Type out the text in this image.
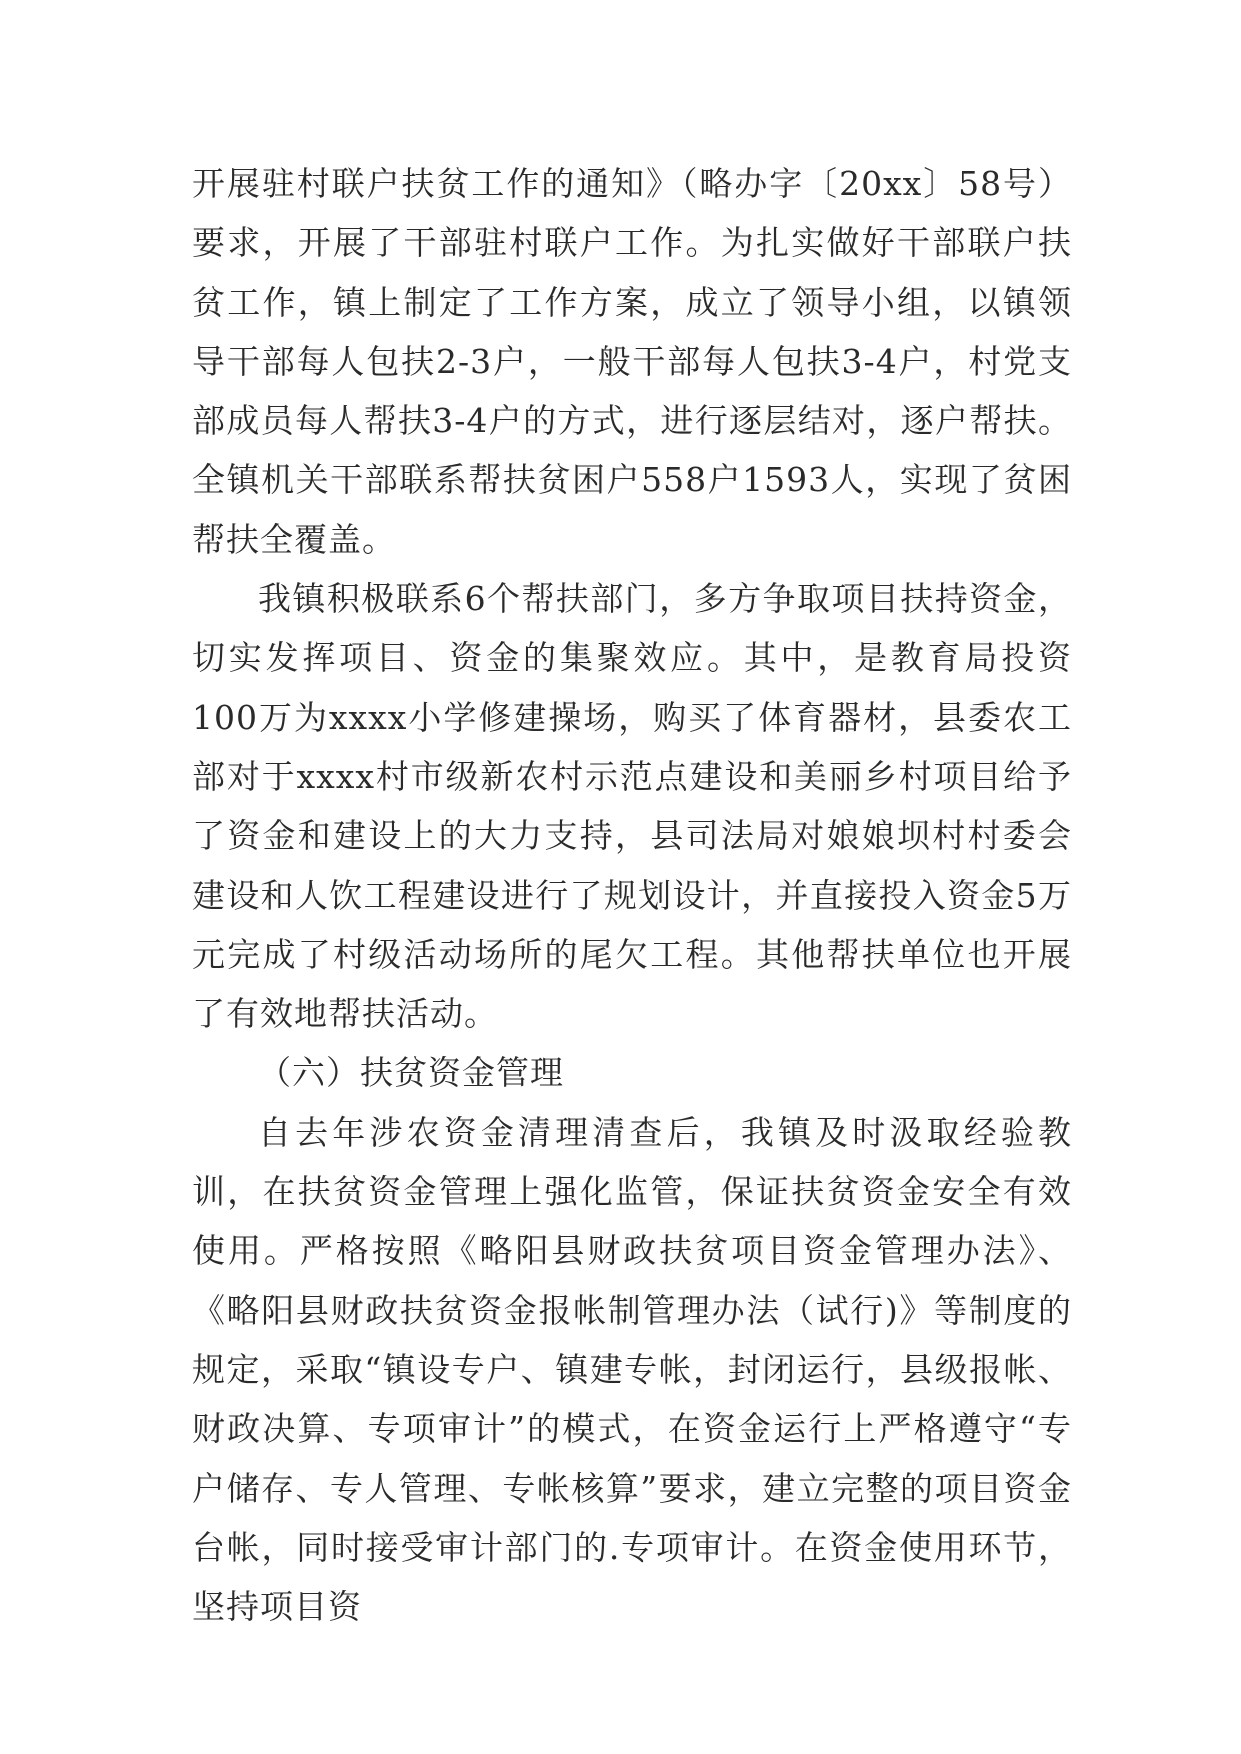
开展驻村联户扶贫工作的通知》（略办字〔20xx〕58号）要求，开展了干部驻村联户工作。为扎实做好干部联户扶贫工作，镇上制定了工作方案，成立了领导小组，以镇领导干部每人包扶2-3户，一般干部每人包扶3-4户，村党支部成员每人帮扶3-4户的方式，进行逐层结对，逐户帮扶。全镇机关干部联系帮扶贫困户558户1593人，实现了贫困帮扶全覆盖。

我镇积极联系6个帮扶部门，多方争取项目扶持资金，切实发挥项目、资金的集聚效应。其中，是教育局投资100万为xxxx小学修建操场，购买了体育器材，县委农工部对于xxxx村市级新农村示范点建设和美丽乡村项目给予了资金和建设上的大力支持，县司法局对娘娘坝村村委会建设和人饮工程建设进行了规划设计，并直接投入资金5万元完成了村级活动场所的尾欠工程。其他帮扶单位也开展了有效地帮扶活动。

（六）扶贫资金管理

自去年涉农资金清理清查后，我镇及时汲取经验教训，在扶贫资金管理上强化监管，保证扶贫资金安全有效使用。严格按照《略阳县财政扶贫项目资金管理办法》、《略阳县财政扶贫资金报帐制管理办法（试行)》等制度的规定，采取“镇设专户、镇建专帐，封闭运行，县级报帐、财政决算、专项审计”的模式，在资金运行上严格遵守“专户储存、专人管理、专帐核算”要求，建立完整的项目资金台帐，同时接受审计部门的.专项审计。在资金使用环节，坚持项目资
